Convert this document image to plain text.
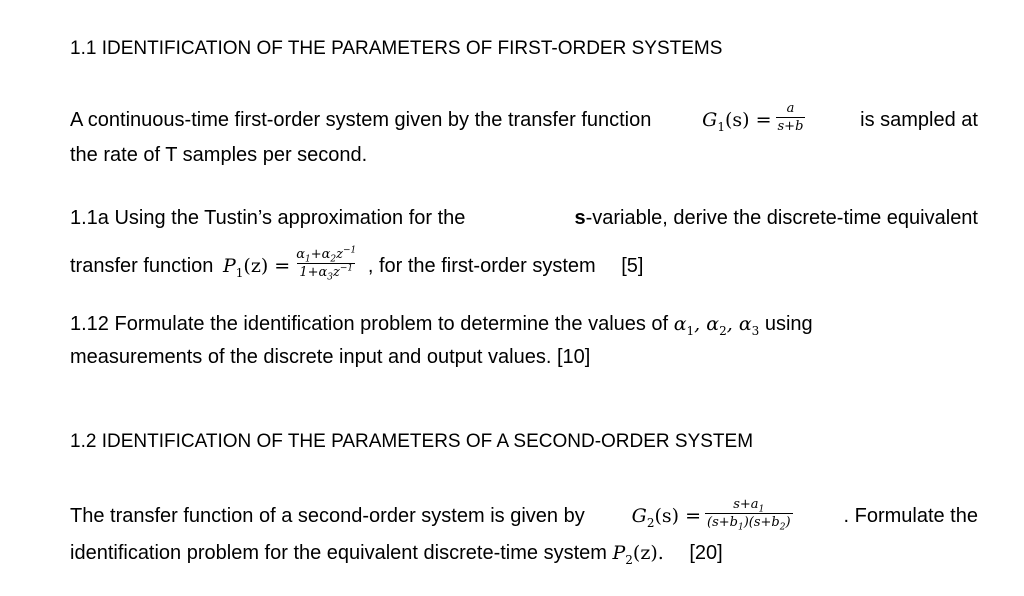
1.1 IDENTIFICATION OF THE PARAMETERS OF FIRST-ORDER SYSTEMS
A continuous-time first-order system given by the transfer function	$G_1(s) = \frac{a}{s+b}$	is sampled at
the rate of T samples per second.
1.1a Using the Tustin’s approximation for the	s-variable, derive the discrete-time equivalent
transfer function $P_1(z) = \frac{\alpha_1+\alpha_2z^{-1}}{1+\alpha_3z^{-1}}$ , for the first-order system [5]
1.12 Formulate the identification problem to determine the values of $\alpha_1$, $\alpha_2$, $\alpha_3$ using
measurements of the discrete input and output values. [10]
1.2 IDENTIFICATION OF THE PARAMETERS OF A SECOND-ORDER SYSTEM
The transfer function of a second-order system is given by $G_2(s) = \frac{s+a_1}{(s+b_1)(s+b_2)}$	. Formulate the
identification problem for the equivalent discrete-time system $P_2(z)$. [20]
